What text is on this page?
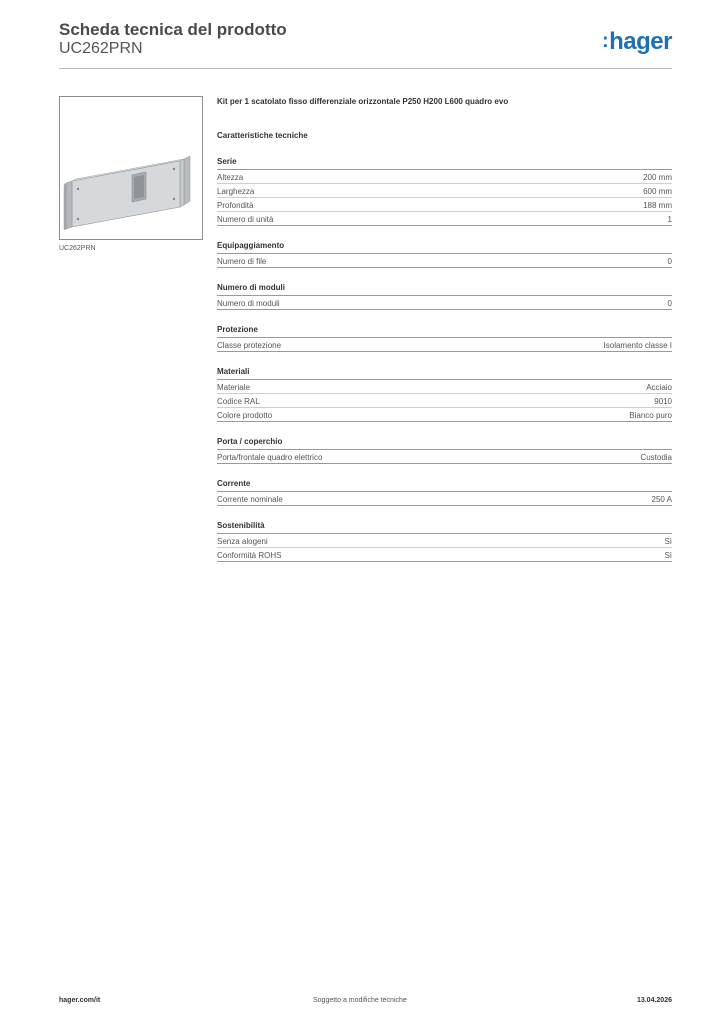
Scheda tecnica del prodotto
UC262PRN	:hager
UC262PRN
Kit per 1 scatolato fisso differenziale orizzontale P250 H200 L600 quadro evo
Caratteristiche tecniche
Serie
Altezza	200 mm
Larghezza	600 mm
Profondità	188 mm
Numero di unità	1
Equipaggiamento
Numero di file	0
Numero di moduli
Numero di moduli	0
Protezione
Classe protezione	Isolamento classe I
Materiali
Materiale	Acciaio
Codice RAL	9010
Colore prodotto	Bianco puro
Porta / coperchio
Porta/frontale quadro elettrico	Custodia
Corrente
Corrente nominale	250 A
Sostenibilità
Senza alogeni	Sì
Conformità ROHS	Sì
hager.com/it	Soggetto a modifiche tecniche	13.04.2026
